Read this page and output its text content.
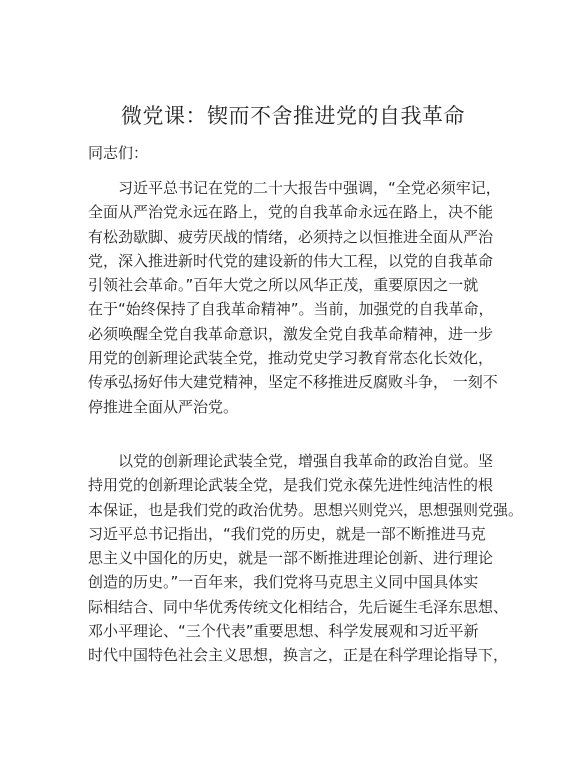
微党课：锲而不舍推进党的自我革命
同志们：
习近平总书记在党的二十大报告中强调，“全党必须牢记，
全面从严治党永远在路上，党的自我革命永远在路上，决不能
有松劲歇脚、疲劳厌战的情绪，必须持之以恒推进全面从严治
党，深入推进新时代党的建设新的伟大工程，以党的自我革命
引领社会革命。”百年大党之所以风华正茂，重要原因之一就
在于“始终保持了自我革命精神”。当前，加强党的自我革命，
必须唤醒全党自我革命意识，激发全党自我革命精神，进一步
用党的创新理论武装全党，推动党史学习教育常态化长效化，
传承弘扬好伟大建党精神，坚定不移推进反腐败斗争， 一刻不
停推进全面从严治党。
以党的创新理论武装全党，增强自我革命的政治自觉。坚
持用党的创新理论武装全党，是我们党永葆先进性纯洁性的根
本保证，也是我们党的政治优势。思想兴则党兴，思想强则党强。
习近平总书记指出，“我们党的历史，就是一部不断推进马克
思主义中国化的历史，就是一部不断推进理论创新、进行理论
创造的历史。”一百年来，我们党将马克思主义同中国具体实
际相结合、同中华优秀传统文化相结合，先后诞生毛泽东思想、
邓小平理论、“三个代表”重要思想、科学发展观和习近平新
时代中国特色社会主义思想，换言之，正是在科学理论指导下，
